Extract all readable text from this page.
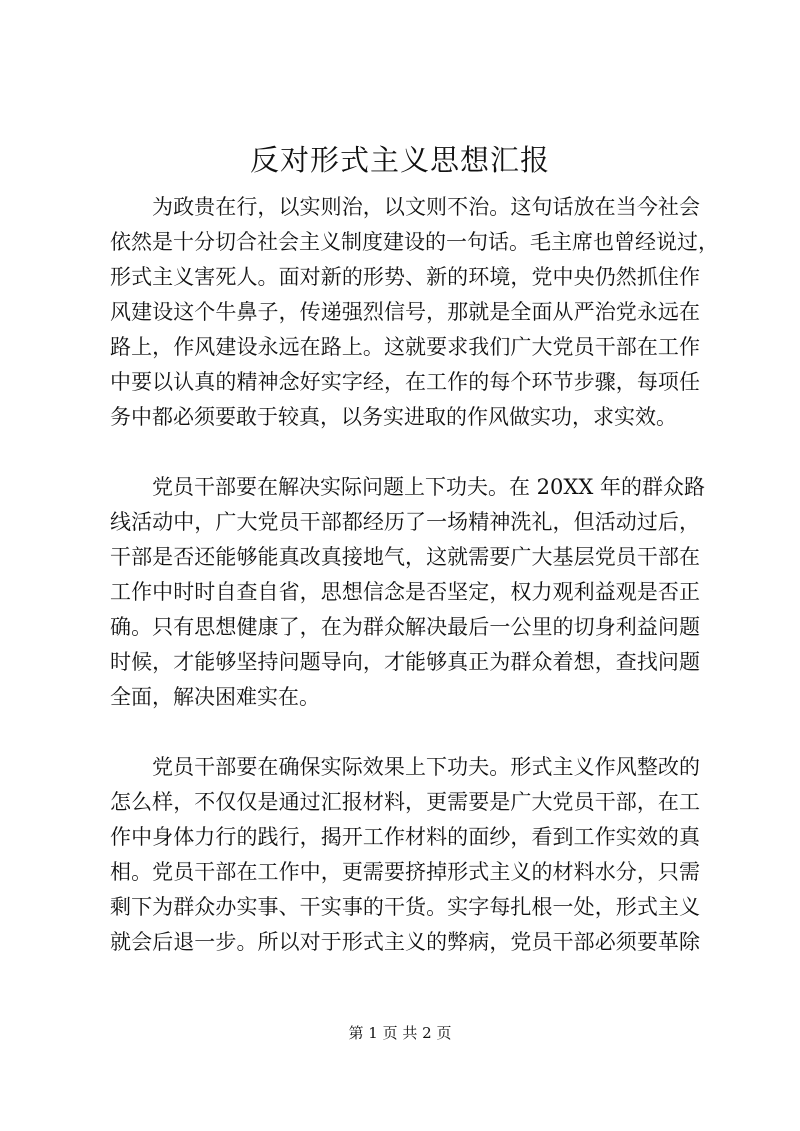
反对形式主义思想汇报
为政贵在行，以实则治，以文则不治。这句话放在当今社会
依然是十分切合社会主义制度建设的一句话。毛主席也曾经说过，
形式主义害死人。面对新的形势、新的环境，党中央仍然抓住作
风建设这个牛鼻子，传递强烈信号，那就是全面从严治党永远在
路上，作风建设永远在路上。这就要求我们广大党员干部在工作
中要以认真的精神念好实字经，在工作的每个环节步骤，每项任
务中都必须要敢于较真，以务实进取的作风做实功，求实效。
党员干部要在解决实际问题上下功夫。在 20XX 年的群众路
线活动中，广大党员干部都经历了一场精神洗礼，但活动过后，
干部是否还能够能真改真接地气，这就需要广大基层党员干部在
工作中时时自查自省，思想信念是否坚定，权力观利益观是否正
确。只有思想健康了，在为群众解决最后一公里的切身利益问题
时候，才能够坚持问题导向，才能够真正为群众着想，查找问题
全面，解决困难实在。
党员干部要在确保实际效果上下功夫。形式主义作风整改的
怎么样，不仅仅是通过汇报材料，更需要是广大党员干部，在工
作中身体力行的践行，揭开工作材料的面纱，看到工作实效的真
相。党员干部在工作中，更需要挤掉形式主义的材料水分，只需
剩下为群众办实事、干实事的干货。实字每扎根一处，形式主义
就会后退一步。所以对于形式主义的弊病，党员干部必须要革除
第 1 页 共 2 页
